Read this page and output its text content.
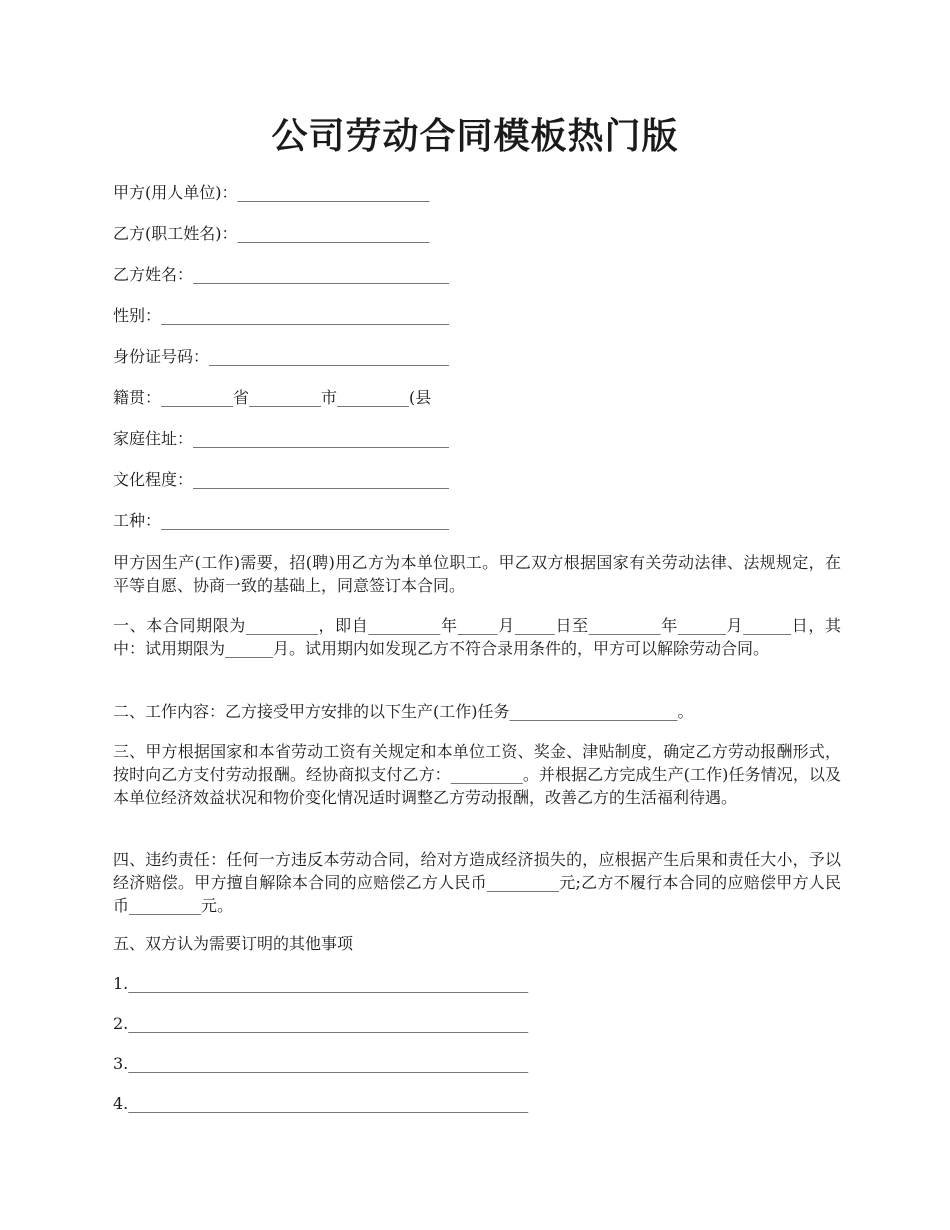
公司劳动合同模板热门版
甲方(用人单位)：________________________
乙方(职工姓名)：________________________
乙方姓名：________________________________
性别：____________________________________
身份证号码：______________________________
籍贯：_________省_________市_________(县
家庭住址：________________________________
文化程度：________________________________
工种：____________________________________
甲方因生产(工作)需要，招(聘)用乙方为本单位职工。甲乙双方根据国家有关劳动法律、法规规定，在平等自愿、协商一致的基础上，同意签订本合同。
一、本合同期限为_________，即自_________年_____月_____日至_________年______月______日，其中：试用期限为______月。试用期内如发现乙方不符合录用条件的，甲方可以解除劳动合同。
二、工作内容：乙方接受甲方安排的以下生产(工作)任务_____________________。
三、甲方根据国家和本省劳动工资有关规定和本单位工资、奖金、津贴制度，确定乙方劳动报酬形式，按时向乙方支付劳动报酬。经协商拟支付乙方：_________。并根据乙方完成生产(工作)任务情况，以及本单位经济效益状况和物价变化情况适时调整乙方劳动报酬，改善乙方的生活福利待遇。
四、违约责任：任何一方违反本劳动合同，给对方造成经济损失的，应根据产生后果和责任大小，予以经济赔偿。甲方擅自解除本合同的应赔偿乙方人民币_________元;乙方不履行本合同的应赔偿甲方人民币_________元。
五、双方认为需要订明的其他事项
1.__________________________________________________
2.__________________________________________________
3.__________________________________________________
4.__________________________________________________
